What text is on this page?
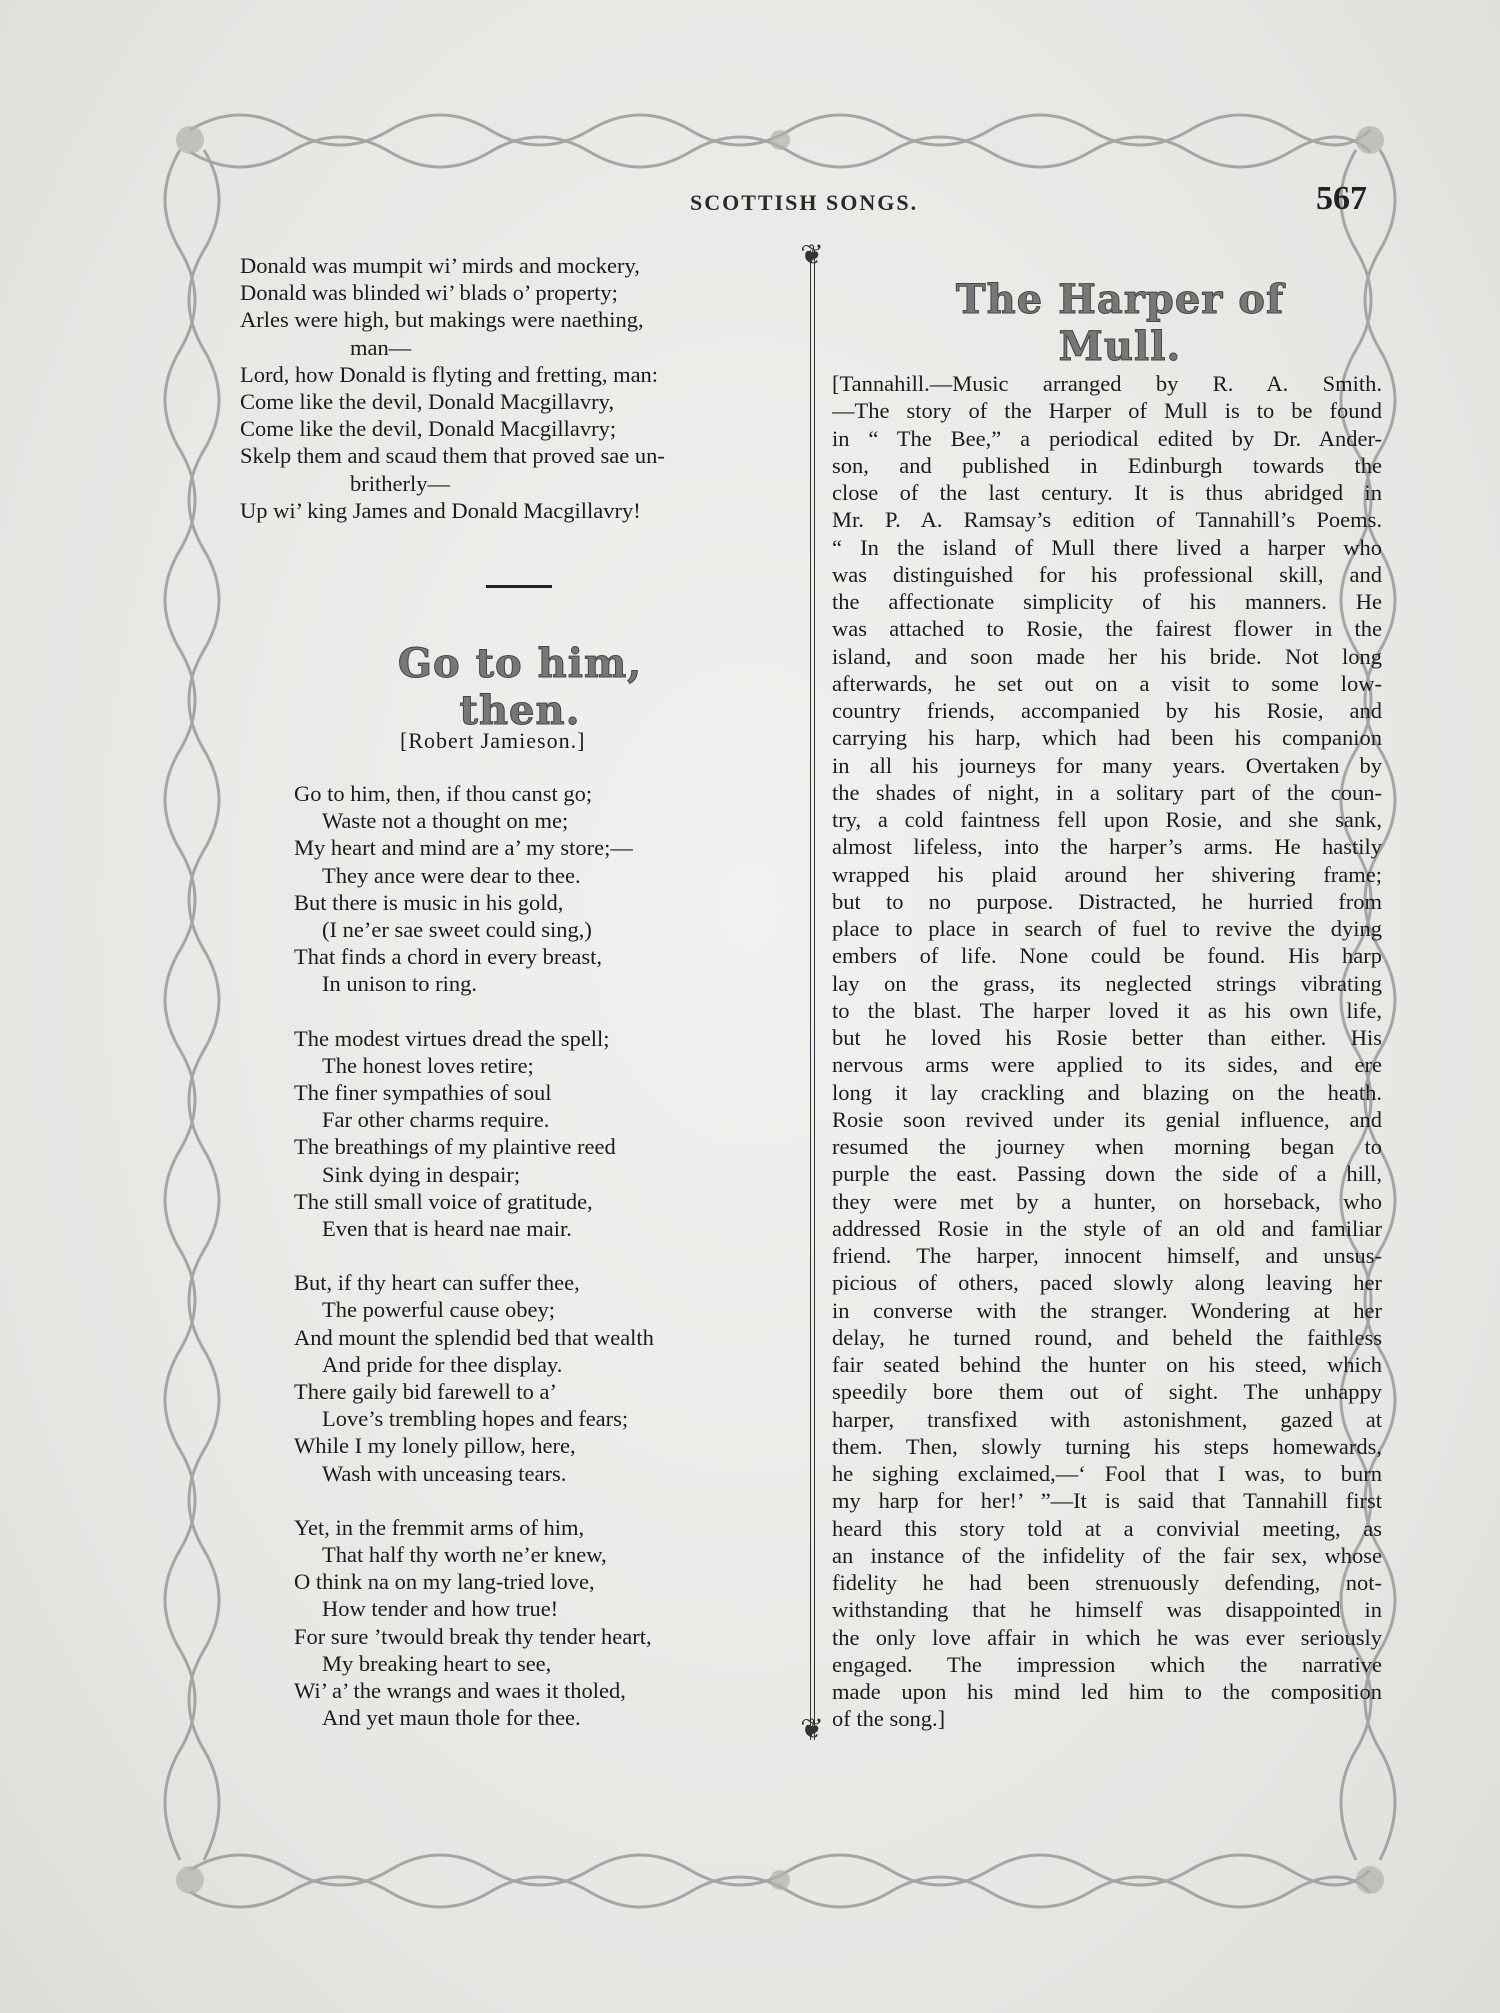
SCOTTISH SONGS.	567
❦
❦
Donald was mumpit wi’ mirds and mockery,
Donald was blinded wi’ blads o’ property;
Arles were high, but makings were naething,
man—
Lord, how Donald is flyting and fretting, man:
Come like the devil, Donald Macgillavry,
Come like the devil, Donald Macgillavry;
Skelp them and scaud them that proved sae un-
britherly—
Up wi’ king James and Donald Macgillavry!
Go to him, then.
[Robert Jamieson.]
Go to him, then, if thou canst go;
Waste not a thought on me;
My heart and mind are a’ my store;—
They ance were dear to thee.
But there is music in his gold,
(I ne’er sae sweet could sing,)
That finds a chord in every breast,
In unison to ring.
The modest virtues dread the spell;
The honest loves retire;
The finer sympathies of soul
Far other charms require.
The breathings of my plaintive reed
Sink dying in despair;
The still small voice of gratitude,
Even that is heard nae mair.
But, if thy heart can suffer thee,
The powerful cause obey;
And mount the splendid bed that wealth
And pride for thee display.
There gaily bid farewell to a’
Love’s trembling hopes and fears;
While I my lonely pillow, here,
Wash with unceasing tears.
Yet, in the fremmit arms of him,
That half thy worth ne’er knew,
O think na on my lang-tried love,
How tender and how true!
For sure ’twould break thy tender heart,
My breaking heart to see,
Wi’ a’ the wrangs and waes it tholed,
And yet maun thole for thee.
The Harper of Mull.
[Tannahill.—Music arranged by R. A. Smith.
—The story of the Harper of Mull is to be found
in “ The Bee,” a periodical edited by Dr. Ander-
son, and published in Edinburgh towards the
close of the last century. It is thus abridged in
Mr. P. A. Ramsay’s edition of Tannahill’s Poems.
“ In the island of Mull there lived a harper who
was distinguished for his professional skill, and
the affectionate simplicity of his manners. He
was attached to Rosie, the fairest flower in the
island, and soon made her his bride. Not long
afterwards, he set out on a visit to some low-
country friends, accompanied by his Rosie, and
carrying his harp, which had been his companion
in all his journeys for many years. Overtaken by
the shades of night, in a solitary part of the coun-
try, a cold faintness fell upon Rosie, and she sank,
almost lifeless, into the harper’s arms. He hastily
wrapped his plaid around her shivering frame;
but to no purpose. Distracted, he hurried from
place to place in search of fuel to revive the dying
embers of life. None could be found. His harp
lay on the grass, its neglected strings vibrating
to the blast. The harper loved it as his own life,
but he loved his Rosie better than either. His
nervous arms were applied to its sides, and ere
long it lay crackling and blazing on the heath.
Rosie soon revived under its genial influence, and
resumed the journey when morning began to
purple the east. Passing down the side of a hill,
they were met by a hunter, on horseback, who
addressed Rosie in the style of an old and familiar
friend. The harper, innocent himself, and unsus-
picious of others, paced slowly along leaving her
in converse with the stranger. Wondering at her
delay, he turned round, and beheld the faithless
fair seated behind the hunter on his steed, which
speedily bore them out of sight. The unhappy
harper, transfixed with astonishment, gazed at
them. Then, slowly turning his steps homewards,
he sighing exclaimed,—‘ Fool that I was, to burn
my harp for her!’ ”—It is said that Tannahill first
heard this story told at a convivial meeting, as
an instance of the infidelity of the fair sex, whose
fidelity he had been strenuously defending, not-
withstanding that he himself was disappointed in
the only love affair in which he was ever seriously
engaged. The impression which the narrative
made upon his mind led him to the composition
of the song.]
